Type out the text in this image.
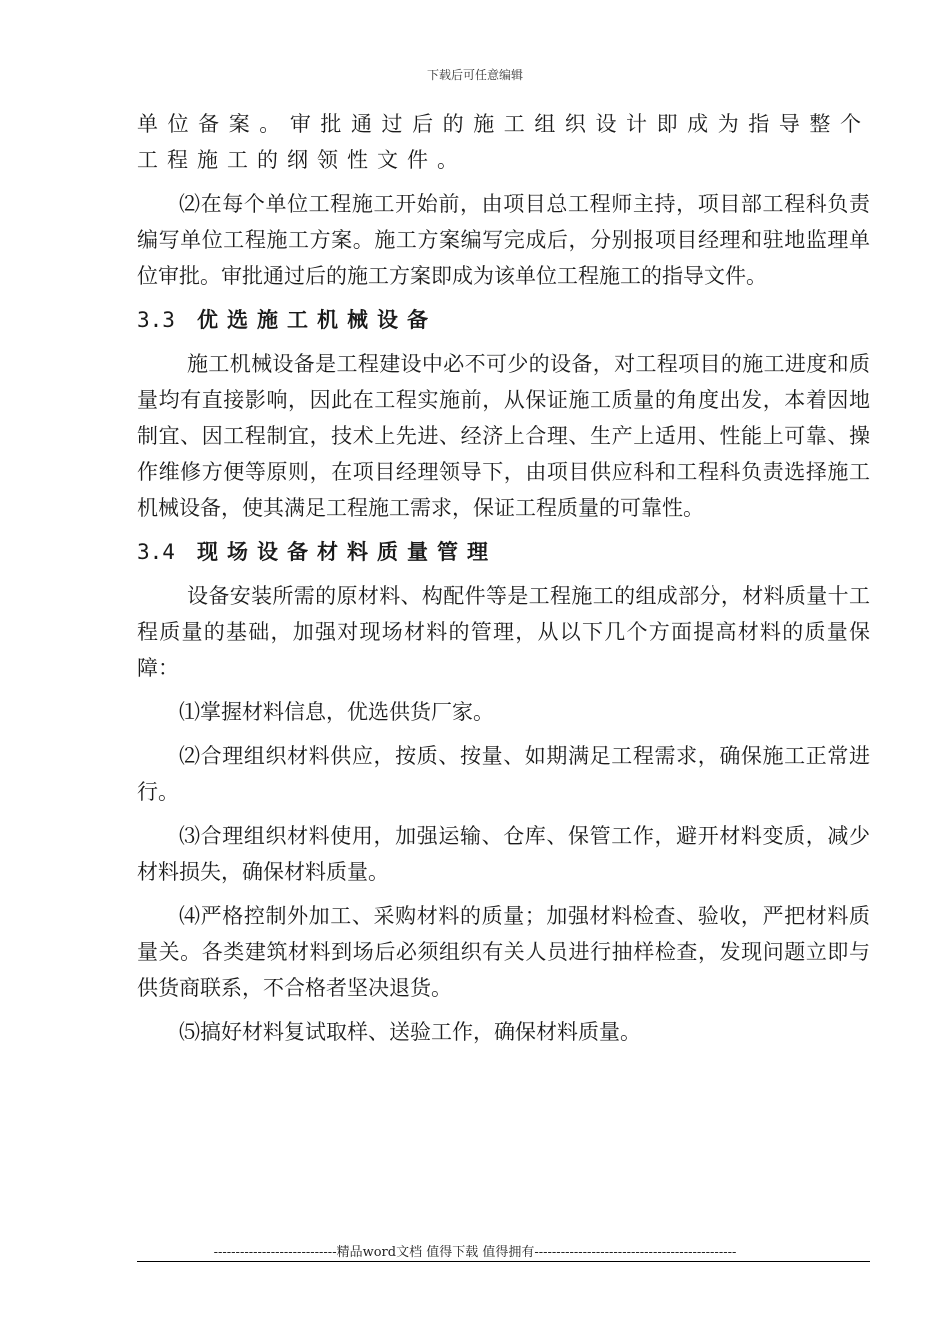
下载后可任意编辑

单位备案。审批通过后的施工组织设计即成为指导整个工程施工的纲领性文件。

⑵在每个单位工程施工开始前，由项目总工程师主持，项目部工程科负责编写单位工程施工方案。施工方案编写完成后，分别报项目经理和驻地监理单位审批。审批通过后的施工方案即成为该单位工程施工的指导文件。

3.3 优选施工机械设备

施工机械设备是工程建设中必不可少的设备，对工程项目的施工进度和质量均有直接影响，因此在工程实施前，从保证施工质量的角度出发，本着因地制宜、因工程制宜，技术上先进、经济上合理、生产上适用、性能上可靠、操作维修方便等原则，在项目经理领导下，由项目供应科和工程科负责选择施工机械设备，使其满足工程施工需求，保证工程质量的可靠性。

3.4 现场设备材料质量管理

设备安装所需的原材料、构配件等是工程施工的组成部分，材料质量十工程质量的基础，加强对现场材料的管理，从以下几个方面提高材料的质量保障：

⑴掌握材料信息，优选供货厂家。

⑵合理组织材料供应，按质、按量、如期满足工程需求，确保施工正常进行。

⑶合理组织材料使用，加强运输、仓库、保管工作，避开材料变质，减少材料损失，确保材料质量。

⑷严格控制外加工、采购材料的质量；加强材料检查、验收，严把材料质量关。各类建筑材料到场后必须组织有关人员进行抽样检查，发现问题立即与供货商联系，不合格者坚决退货。

⑸搞好材料复试取样、送验工作，确保材料质量。

----------------------------精品word文档 值得下载 值得拥有----------------------------------------------
